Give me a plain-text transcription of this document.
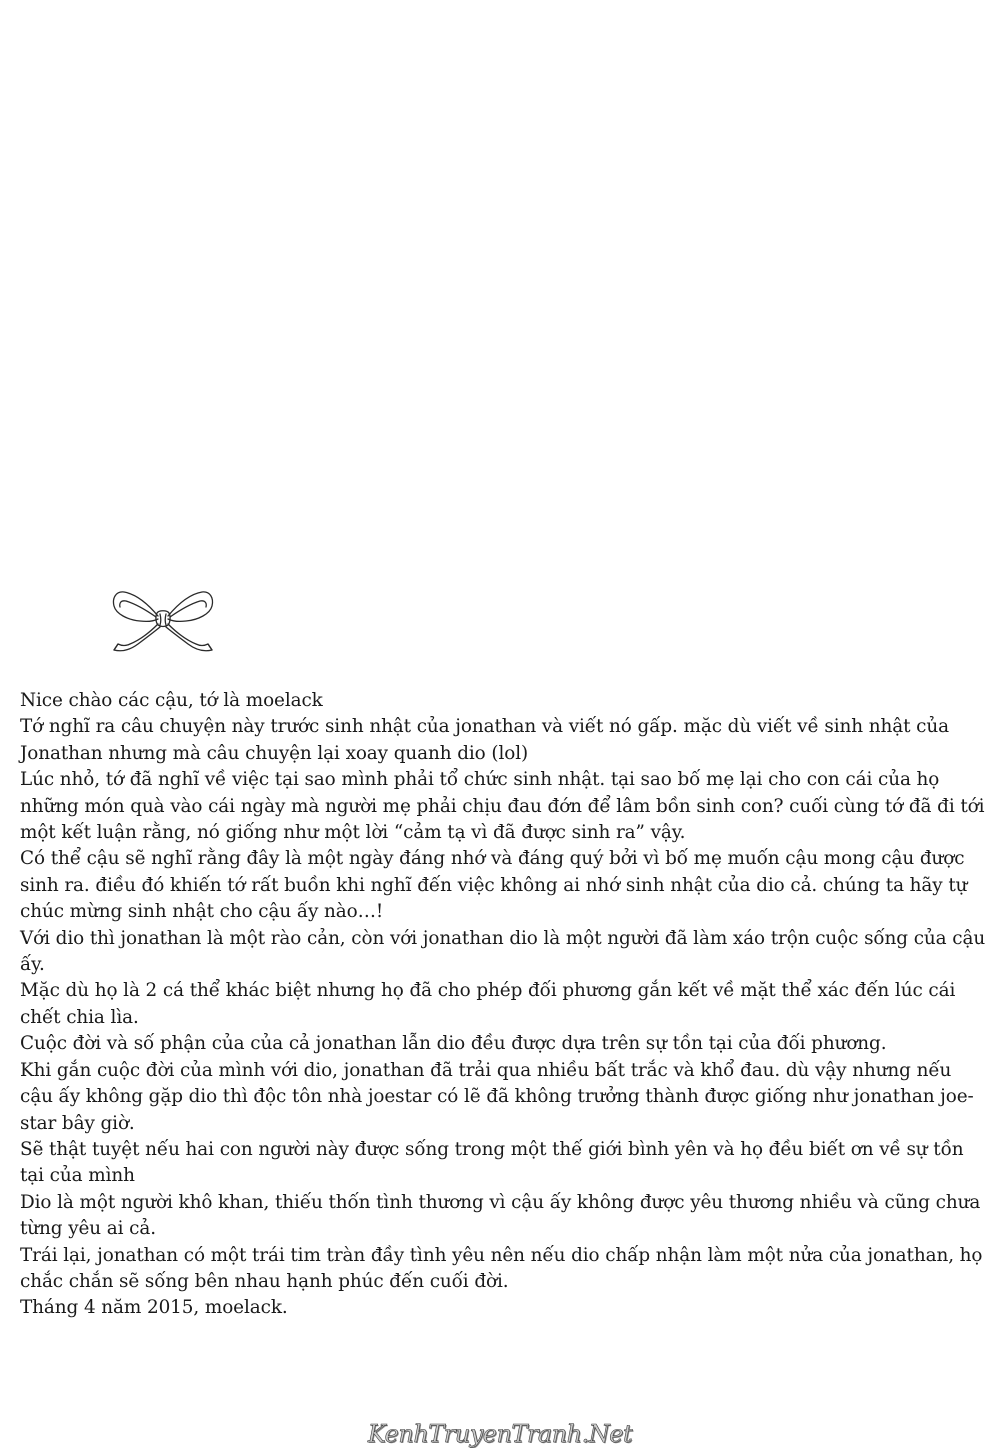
Nice chào các cậu, tớ là moelack

Tớ nghĩ ra câu chuyện này trước sinh nhật của jonathan và viết nó gấp. mặc dù viết về sinh nhật của Jonathan nhưng mà câu chuyện lại xoay quanh dio (lol)

Lúc nhỏ, tớ đã nghĩ về việc tại sao mình phải tổ chức sinh nhật. tại sao bố mẹ lại cho con cái của họ những món quà vào cái ngày mà người mẹ phải chịu đau đớn để lâm bồn sinh con? cuối cùng tớ đã đi tới một kết luận rằng, nó giống như một lời “cảm tạ vì đã được sinh ra” vậy.

Có thể cậu sẽ nghĩ rằng đây là một ngày đáng nhớ và đáng quý bởi vì bố mẹ muốn cậu mong cậu được sinh ra. điều đó khiến tớ rất buồn khi nghĩ đến việc không ai nhớ sinh nhật của dio cả. chúng ta hãy tự chúc mừng sinh nhật cho cậu ấy nào…!

Với dio thì jonathan là một rào cản, còn với jonathan dio là một người đã làm xáo trộn cuộc sống của cậu ấy.

Mặc dù họ là 2 cá thể khác biệt nhưng họ đã cho phép đối phương gắn kết về mặt thể xác đến lúc cái chết chia lìa.

Cuộc đời và số phận của của cả jonathan lẫn dio đều được dựa trên sự tồn tại của đối phương.

Khi gắn cuộc đời của mình với dio, jonathan đã trải qua nhiều bất trắc và khổ đau. dù vậy nhưng nếu cậu ấy không gặp dio thì độc tôn nhà joestar có lẽ đã không trưởng thành được giống như jonathan joe-star bây giờ.

Sẽ thật tuyệt nếu hai con người này được sống trong một thế giới bình yên và họ đều biết ơn về sự tồn tại của mình

Dio là một người khô khan, thiếu thốn tình thương vì cậu ấy không được yêu thương nhiều và cũng chưa từng yêu ai cả.

Trái lại, jonathan có một trái tim tràn đầy tình yêu nên nếu dio chấp nhận làm một nửa của jonathan, họ chắc chắn sẽ sống bên nhau hạnh phúc đến cuối đời.

Tháng 4 năm 2015, moelack.

KenhTruyenTranh.Net
